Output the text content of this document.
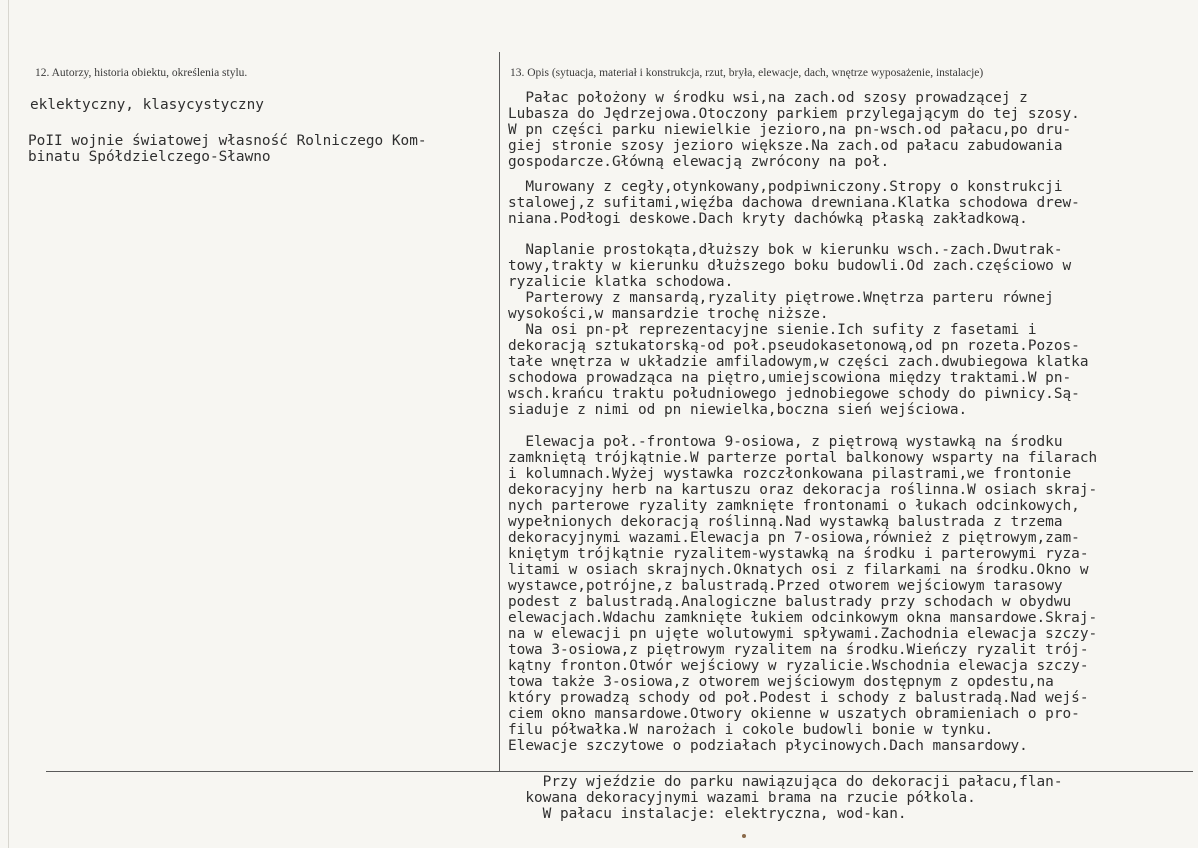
12. Autorzy, historia obiektu, określenia stylu.	13. Opis (sytuacja, materiał i konstrukcja, rzut, bryła, elewacje, dach, wnętrze wyposażenie, instalacje)
eklektyczny, klasycystyczny
PoII wojnie światowej własność Rolniczego Kom-
binatu Spółdzielczego-Sławno
Pałac położony w środku wsi,na zach.od szosy prowadzącej z
Lubasza do Jędrzejowa.Otoczony parkiem przylegającym do tej szosy.
W pn części parku niewielkie jezioro,na pn-wsch.od pałacu,po dru-
giej stronie szosy jezioro większe.Na zach.od pałacu zabudowania
gospodarcze.Główną elewacją zwrócony na poł.
Murowany z cegły,otynkowany,podpiwniczony.Stropy o konstrukcji
stalowej,z sufitami,więźba dachowa drewniana.Klatka schodowa drew-
niana.Podłogi deskowe.Dach kryty dachówką płaską zakładkową.
Naplanie prostokąta,dłuższy bok w kierunku wsch.-zach.Dwutrak-
towy,trakty w kierunku dłuższego boku budowli.Od zach.częściowo w
ryzalicie klatka schodowa.
Parterowy z mansardą,ryzality piętrowe.Wnętrza parteru równej
wysokości,w mansardzie trochę niższe.
Na osi pn-pł reprezentacyjne sienie.Ich sufity z fasetami i
dekoracją sztukatorską-od poł.pseudokasetonową,od pn rozeta.Pozos-
tałe wnętrza w układzie amfiladowym,w części zach.dwubiegowa klatka
schodowa prowadząca na piętro,umiejscowiona między traktami.W pn-
wsch.krańcu traktu południowego jednobiegowe schody do piwnicy.Są-
siaduje z nimi od pn niewielka,boczna sień wejściowa.
Elewacja poł.-frontowa 9-osiowa, z piętrową wystawką na środku
zamkniętą trójkątnie.W parterze portal balkonowy wsparty na filarach
i kolumnach.Wyżej wystawka rozczłonkowana pilastrami,we frontonie
dekoracyjny herb na kartuszu oraz dekoracja roślinna.W osiach skraj-
nych parterowe ryzality zamknięte frontonami o łukach odcinkowych,
wypełnionych dekoracją roślinną.Nad wystawką balustrada z trzema
dekoracyjnymi wazami.Elewacja pn 7-osiowa,również z piętrowym,zam-
kniętym trójkątnie ryzalitem-wystawką na środku i parterowymi ryza-
litami w osiach skrajnych.Oknatych osi z filarkami na środku.Okno w
wystawce,potrójne,z balustradą.Przed otworem wejściowym tarasowy
podest z balustradą.Analogiczne balustrady przy schodach w obydwu
elewacjach.Wdachu zamknięte łukiem odcinkowym okna mansardowe.Skraj-
na w elewacji pn ujęte wolutowymi spływami.Zachodnia elewacja szczy-
towa 3-osiowa,z piętrowym ryzalitem na środku.Wieńczy ryzalit trój-
kątny fronton.Otwór wejściowy w ryzalicie.Wschodnia elewacja szczy-
towa także 3-osiowa,z otworem wejściowym dostępnym z opdestu,na
który prowadzą schody od poł.Podest i schody z balustradą.Nad wejś-
ciem okno mansardowe.Otwory okienne w uszatych obramieniach o pro-
filu półwałka.W narożach i cokole budowli bonie w tynku.
Elewacje szczytowe o podziałach płycinowych.Dach mansardowy.
Przy wjeździe do parku nawiązująca do dekoracji pałacu,flan-
kowana dekoracyjnymi wazami brama na rzucie półkola.
W pałacu instalacje: elektryczna, wod-kan.
